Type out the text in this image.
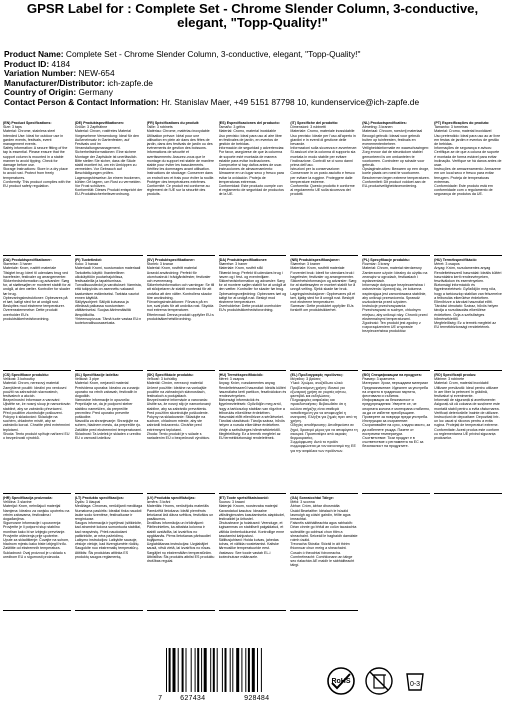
GPSR Label for : Complete Set - Chrome Slender Column, 3-conductive, elegant, "Topp-Quality!"
Product Name: Complete Set - Chrome Slender Column, 3-conductive, elegant, "Topp-Quality!"
Product ID: 4184
Variation Number: NEW-654
Manufacturer/Distributor: ich-zapfe.de
Country of Origin: Germany
Contact Person & Contact Information: Hr. Stanislav Maer, +49 5151 87798 10, kundenservice@ich-zapfe.de
(EN) Product Specifications:

Size: 3 taps
Material: Chrome, stainless steel
Intended Use: Ideal for outdoor use in garden events, festivals, event management events.
Safety information: A secure fitting of the tap is essential. Please ensure that the support column is mounted in a stable manner to avoid tipping. Check for damage before use.
Storage Instructions: Store in a dry place to avoid rust. Protect from freely temperatures.
Conformity: This product complies with the EU product safety regulation.

(DE) Produktspezifikationen:

Größe: 3 Zapfhähne
Material: Chrom, rostfreies Material
Vorgesehene Verwendung: Ideal für den Außeneinsatz in Gartenfesten, auf Festivals und im Veranstaltungsmanagement.
Sicherheitsinformationen: Eine sichere Montage der Zapfsäule ist unerlässlich. Bitte stellen Sie sicher, dass die Säule stabil montiert ist, um ein Umkippen zu vermeiden. Vor Gebrauch auf Beschädigungen prüfen.
Lagerungshinweise: An einem trockenen, kühlen Ort lagern, um Rost zu vermeiden. Vor Frost schützen.
Konformität: Dieses Produkt entspricht der EU-Produktsicherheitsverordnung.

(FR) Spécifications du produit:

Taille: 3 robinets
Matériau: Chrome, matériau inoxydable
Utilisation prévue: Idéal pour une utilisation en plein air dans des fêtes de jardin, dans des festivals de jardin ou des événements de gestion des boissons.
Informations de sécurité et avertissements: Assurez-vous que le montage du support est stable de manière stable pour éviter les basculements. Vérifiez les dommages avant utilisation.
Instructions de stockage: Conserver dans un endroit sec et frais pour éviter la rouille. Protéger des températures extrêmes.
Conformité: Ce produit est conforme au règlement de l'UE sur la sécurité des produits.

(ES) Especificaciones del producto:

Tamaño: 3 grifos
Material: Cromo, material inoxidable
Uso previsto: Ideal para uso al aire libre en festivales de jardín, en eventos de gestión de bebidas.
Información de seguridad y advertencias: Por favor, asegúrese de que la columna de soporte esté montada de manera estable para evitar inclinaciones. Compruebe si hay daños antes de usar.
Instrucciones de almacenamiento: Almacene en un lugar seco y fresco para evitar la oxidación. Proteja de temperaturas extremas.
Conformidad: Este producto cumple con el reglamento de seguridad de productos de la UE.

(IT) Specifiche del prodotto:

Dimensioni: 3 rubinetti
Materiale: Cromo, materiale inossidabile
Uso previsto: Ideale per l'uso all'aperto in giardini e in eventi di gestione delle bevande.
Informazioni sulla sicurezza e avvertenze: Si assicuri che la colonna di supporto sia montata in modo stabile per evitare l'inclinazione. Controlli se ci sono danni prima dell'uso.
Istruzioni per la conservazione: Conservare in un posto asciutto e fresco per evitare la ruggine. Proteggere dalle temperature estreme.
Conformità: Questo prodotto è conforme al regolamento UE sulla sicurezza dei prodotti.

(NL) Productspecificaties:

Afmeting: 3 kranen
Materiaal: Chroom, roestvrij materiaal
Beoogd gebruik: Ideaal voor gebruik buiten op tuinfeesten, festivals en evenementenbeheer.
Veiligheidsinformatie en waarschuwingen: Zorg ervoor dat de steunkolom stabiel gemonteerd is om omkantelen te voorkomen. Controleer op schade voor gebruik.
Opslaginstructies: Bewaren op een droge, koele plaats om roest te voorkomen. Beschermen tegen extreme temperaturen.
Conformiteit: Dit product voldoet aan de EU-productveiligheidsverordening.

(PT) Especificações do produto:

Tamanho: 3 torneiras
Material: Cromo, material inoxidável
Uso pretendido: Ideal para uso ao ar livre em festas de jardim e eventos de gestão de bebidas.
Informações de segurança e avisos: Certifique-se de que a coluna de suporte é montada de forma estável para evitar inclinação. Verifique se há danos antes de usar.
Instruções de armazenamento: Armazene em um local seco e fresco para evitar ferrugem. Proteja de temperaturas extremas.
Conformidade: Este produto está em conformidade com o regulamento de segurança de produtos da UE.

(DA) Produktspecifikationer:

Størrelse: 3 haner
Materiale: Krom, rustfrit materiale
Tilsigtet brug: Ideel til udendørs brug ved havefester, festivaler og arrangementer.
Sikkerhedsinformation og advarsler: Sørg for, at støttesøjlen er monteret stabilt for at undgå, at den vælter. Kontroller for skader før brug.
Opbevaringsinstruktioner: Opbevares på et tørt, køligt sted for at undgå rust. Beskyttes mod ekstreme temperaturer.
Overensstemmelse: Dette produkt overholder EU's produktsikkerhedsforordning.

(FI) Tuotetiedot:

Koko: 3 hanaa
Materiaali: Kromi, ruostumaton materiaali
Tarkoitettu käyttö: Ihanteellinen ulkokäyttöön puutarhajuhlissa, festivaaleilla ja tapahtumissa.
Turvallisuustiedot ja varoitukset: Varmista, että tukipylväs on asennettu vakaasti kaatumisen estämiseksi. Tarkista vauriot ennen käyttöä.
Säilytysohjeet: Säilytä kuivassa ja viileässä paikassa ruostumisen välttämiseksi. Suojaa äärimmäisiltä lämpötiloilta.
Yhteensopivuus: Tämä tuote vastaa EU:n tuoteturvallisuusasetusta.

(SV) Produktspecifikationer:

Storlek: 3 kranar
Material: Krom, rostfritt material
Avsedd användning: Perfekt för utomhusbruk i trädgårdsfester, festivaler och evenemang.
Säkerhetsinformation och varningar: Se till att stödpelaren är stabilt monterad för att undvika att den välter. Kontrollera skador före användning.
Förvaringsinstruktioner: Förvara på en torr, sval plats för att undvika rost. Skydda mot extrema temperaturer.
Efterlevnad: Denna produkt uppfyller EU:s produktsäkerhetsförordning.

(DA) Produktspecifikationer:

Størrelse: 3 haner
Materiale: Krom, rustfrit stål
Tiltænkt brug: Perfekt til udendørs brug i haven og i fest- og eventmiljøer.
Sikkerhedsinformation og advarsler: Sørg for at montere søjlen stabilt for at undgå at den vælter. Kontroller for skader før brug.
Opbevaringsvejledning: Opbevares tørt og køligt for at undgå rust. Beskyt mod ekstreme temperaturer.
Overholdelse: Dette produkt overholder EU's produktsikkerhedsforordning.

(NB) Produktspesifikasjoner:

Størrelse: 3 kraner
Materiale: Krom, rustfritt materiale
Forventet bruk: Ideell for utendørs bruk i hagefester, festivaler og arrangementer.
Sikkerhetsinformasjon og advarsler: Sørg for at støttesøylen er montert stabilt for å unngå velting. Sjekk skade før bruk.
Lagringsinstruksjoner: Oppbevares på et tørt, kjølig sted for å unngå rust. Beskytt mot ekstreme temperaturer.
Samsvar: Dette produktet oppfyller EUs forskrift om produktsikkerhet.

(PL) Specyfikacje produktu:

Rozmiar: 3 krany
Materiał: Chrom, materiał nierdzewny
Zamierzone użycie: Idealny do użytku na zewnątrz w ogrodach, festiwalach i wydarzeniach.
Informacje dotyczące bezpieczeństwa i ostrzeżenia: Upewnij się, że kolumna wspierająca jest zamontowana stabilnie, aby uniknąć przewrócenia. Sprawdź uszkodzenia przed użyciem.
Instrukcje przechowywania: Przechowywać w suchym, chłodnym miejscu, aby uniknąć rdzy. Chronić przed ekstremalnymi temperaturami.
Zgodność: Ten produkt jest zgodny z rozporządzeniem UE w sprawie bezpieczeństwa produktów.

(HU) Termékspecifikáció:

Méret: 3 csapos
Anyag: Króm, rozsdamentes anyag
Rendeltetésszerű használat: Ideális kültéri használatra kerti rendezvényeken, fesztiválokon és eseményeken.
Biztonsági információk és figyelmeztetések: Győződjön meg róla, hogy a tartóoszlop stabilan van felszerelve a felborulás elkerülése érdekében. Ellenőrizze a károkat használat előtt.
Tárolási útmutató: Száraz, hűvös helyen tárolja a rozsdásodás elkerülése érdekében. Óvja a szélsőséges hőmérséklettől.
Megfelelőség: Ez a termék megfelel az EU termékbiztonsági rendeletének.

(CS) Specifikace produktu:

Velikost: 3 kohoutky
Materiál: Chrom, nerezový materiál
Zamýšlené použití: Ideální pro venkovní použití na zahradních slavnostech, festivalech a akcích.
Bezpečnostní informace a varování: Ujistěte se, že nosný sloup je namontován stabilně, aby se zabránilo převrácení. Před použitím zkontrolujte poškození.
Pokyny k skladování: Skladujte na suchém, chladném místě, aby se zabránilo korozi. Chraňte před extrémními teplotami.
Shoda: Tento produkt splňuje nařízení EU o bezpečnosti výrobků.

(SL) Specifikacije izdelka:

Velikost: 3 pipe
Material: Krom, nerjaveči material
Predvidena uporaba: Idealno za zunanjo uporabo na vrtnih zabavah, festivalih in dogodkih.
Varnostne informacije in opozorila: Prepričajte se, da je podporni steber stabilno nameščen, da preprečite prevrnitev. Pred uporabo preverite poškodbe.
Navodila za shranjevanje: Shranjujte na suhem, hladnem mestu, da preprečite rjo. Zaščitite pred ekstremnimi temperaturami.
Skladnost: Ta izdelek je skladen z uredbo EU o varnosti izdelkov.

(SK) Špecifikácie produktu:

Veľkosť: 3 kohútiky
Materiál: Chróm, nerezový materiál
Určené použitie: Ideálne na vonkajšie použitie na záhradných slávnostiach, festivaloch a podujatiach.
Bezpečnostné informácie a varovania: Uistite sa, že nosný stĺp je namontovaný stabilne, aby sa zabránilo prevráteniu. Pred použitím skontrolujte poškodenie.
Pokyny na skladovanie: Skladujte na suchom, chladnom mieste, aby ste zabránili hrdzaveniu. Chráňte pred extrémnymi teplotami.
Zhoda: Tento produkt je v súlade s nariadením EÚ o bezpečnosti výrobkov.

(HU) Termékspecifikációk:

Méret: 3 csapos
Anyag: Króm, rozsdamentes anyag
Rendeltetésszerű használat: Ideális kültéri használatra kerti partikon, fesztiválokon és rendezvényeken.
Biztonsági információk és figyelmeztetések: Győződjön meg arról, hogy a tartóoszlop stabilan van rögzítve a felborulás elkerülése érdekében. Használat előtt ellenőrizze a sérüléseket.
Tárolási utasítások: Tárolja száraz, hűvös helyen a rozsda elkerülése érdekében. Védje a szélsőséges hőmérsékletektől.
Megfelelőség: Ez a termék megfelel az EU termékbiztonsági rendeletének.

(EL) Προδιαγραφές προϊόντος:

Μέγεθος: 3 βρύσες
Υλικό: Χρώμιο, ανοξείδωτο υλικό
Προβλεπόμενη χρήση: Ιδανικό για εξωτερική χρήση σε γιορτές κήπου, φεστιβάλ και εκδηλώσεις.
Πληροφορίες ασφαλείας και προειδοποιήσεις: Βεβαιωθείτε ότι η κολόνα στήριξης είναι σταθερά τοποθετημένη για να αποφευχθεί η ανατροπή. Ελέγξτε για ζημιές πριν από τη χρήση.
Οδηγίες αποθήκευσης: Αποθηκεύστε σε ξηρό, δροσερό μέρος για να αποφύγετε τη σκουριά. Προστατέψτε από ακραίες θερμοκρασίες.
Συμμόρφωση: Αυτό το προϊόν συμμορφώνεται με τον κανονισμό της ΕΕ για την ασφάλεια των προϊόντων.

(BG) Спецификации на продукта:

Размер: 3 кранчета
Материал: Хром, неръждаем материал
Предназначение: Идеален за употреба на открито в градински партита, фестивали и събития.
Информация за безопасност и предупреждения: Уверете се, че опорната колона е монтирана стабилно, за да се избегне преобръщане. Проверете за повреди преди употреба.
Инструкции за съхранение: Съхранявайте на сухо, хладно място, за да избегнете ръжда. Пазете от екстремни температури.
Съответствие: Този продукт е в съответствие с регламента на ЕС за безопасност на продуктите.

(RO) Specificații produs:

Mărime: 3 robinete
Material: Crom, material inoxidabil
Utilizare prevăzută: Ideal pentru utilizare în aer liber la petreceri în grădină, festivaluri și evenimente.
Informații de siguranță și avertismente: Asigurați-vă că coloana de susținere este montată stabil pentru a evita răsturnarea. Verificați deteriorările înainte de utilizare.
Instrucțiuni de depozitare: Depozitați într-un loc uscat și răcoros pentru a evita rugina. Protejați de temperaturi extreme.
Conformitate: Acest produs este conform cu reglementarea UE privind siguranța produselor.

(HR) Specifikacija proizvoda:

Veličina: 3 slavine
Materijal: Krom, nehrđajući materijal
Namjena: Idealno za vanjsku upotrebu na vrtnim zabavama, festivalima i događanjima.
Sigurnosne informacije i upozorenja: Provjerite je li potporni stup stabilno montiran kako bi se izbjeglo prevrtanje. Provjerite oštećenja prije upotrebe.
Upute za skladištenje: Čuvajte na suhom, hladnom mjestu kako biste izbjegli hrđu. Zaštitite od ekstremnih temperatura.
Sukladnost: Ovaj proizvod je u skladu s uredbom EU o sigurnosti proizvoda.

(LT) Produkto specifikacijos:

Dydis: 3 čiaupai
Medžiaga: Chromas, nerūdijanti medžiaga
Numatoma paskirtis: Idealiai tinka naudoti lauke sodo šventėse, festivaliuose ir renginiuose.
Saugos informacija ir įspėjimai: Įsitikinkite, kad atraminė kolona sumontuota stabiliai, kad neapvirstų. Prieš naudodami patikrinkite, ar nėra pažeidimų.
Laikymo instrukcijos: Laikykite sausoje, vėsioje vietoje, kad išvengtumėte rūdžių. Saugokite nuo ekstremalių temperatūrų.
Atitiktis: Šis produktas atitinka ES produktų saugos reglamentą.

(LV) Produkta specifikācijas:

Izmērs: 3 krāni
Materiāls: Hroms, nerūsējošs materiāls
Paredzētā lietošana: Ideāli piemērots lietošanai ārā dārza svētkos, festivālos un pasākumos.
Drošības informācija un brīdinājumi: Pārliecinieties, ka atbalsta kolonna ir stabili uzstādīta, lai izvairītos no apgāšanās. Pirms lietošanas pārbaudiet bojājumus.
Uzglabāšanas instrukcijas: Uzglabājiet sausā, vēsā vietā, lai izvairītos no rūsas. Sargājiet no ekstremālām temperatūrām.
Atbilstība: Šis produkts atbilst ES produktu drošības regulai.

(ET) Toote spetsifikatsioonid:

Suurus: 3 kraani
Materjal: Kroom, roostevaba materjal
Kavandatud kasutus: Ideaalne välistingimustes kasutamiseks aiapidudel, festivalidel ja üritustel.
Ohutusteave ja hoiatused: Veenduge, et tugisammas on stabiilselt paigaldatud, et vältida ümberkukkumist. Kontrollige enne kasutamist kahjustusi.
Säilitusjuhised: Hoida kuivas, jahedas kohas, et vältida roostetamist. Kaitske äärmuslike temperatuuride eest.
Vastavus: See toode vastab EL-i tooteohutuse määrusele.

(GA) Sonraíochtaí Táirge:

Méid: 3 sconna
Ábhar: Cróm, ábhar dhosmálta
Úsáid Beartaithe: Idéalach le húsáid lasmuigh ag cóisirí gairdín, féilte agus imeachtaí.
Faisnéis sábháilteachta agus rabhaidh: Déan cinnte go bhfuil an colún tacaíochta suiteáilte go cobhsaí chun titim a sheachaint. Seiceáil le haghaidh damáiste roimh úsáid.
Treoracha Stórála: Stóráil in áit thirim fhionnuar chun meirg a sheachaint. Cosain ó theochtaí foircneacha.
Comhréireacht: Comhlíonann an táirge seo rialachán AE maidir le sábháilteacht táirgí.

7	627434	928484
RoHS	0-3
